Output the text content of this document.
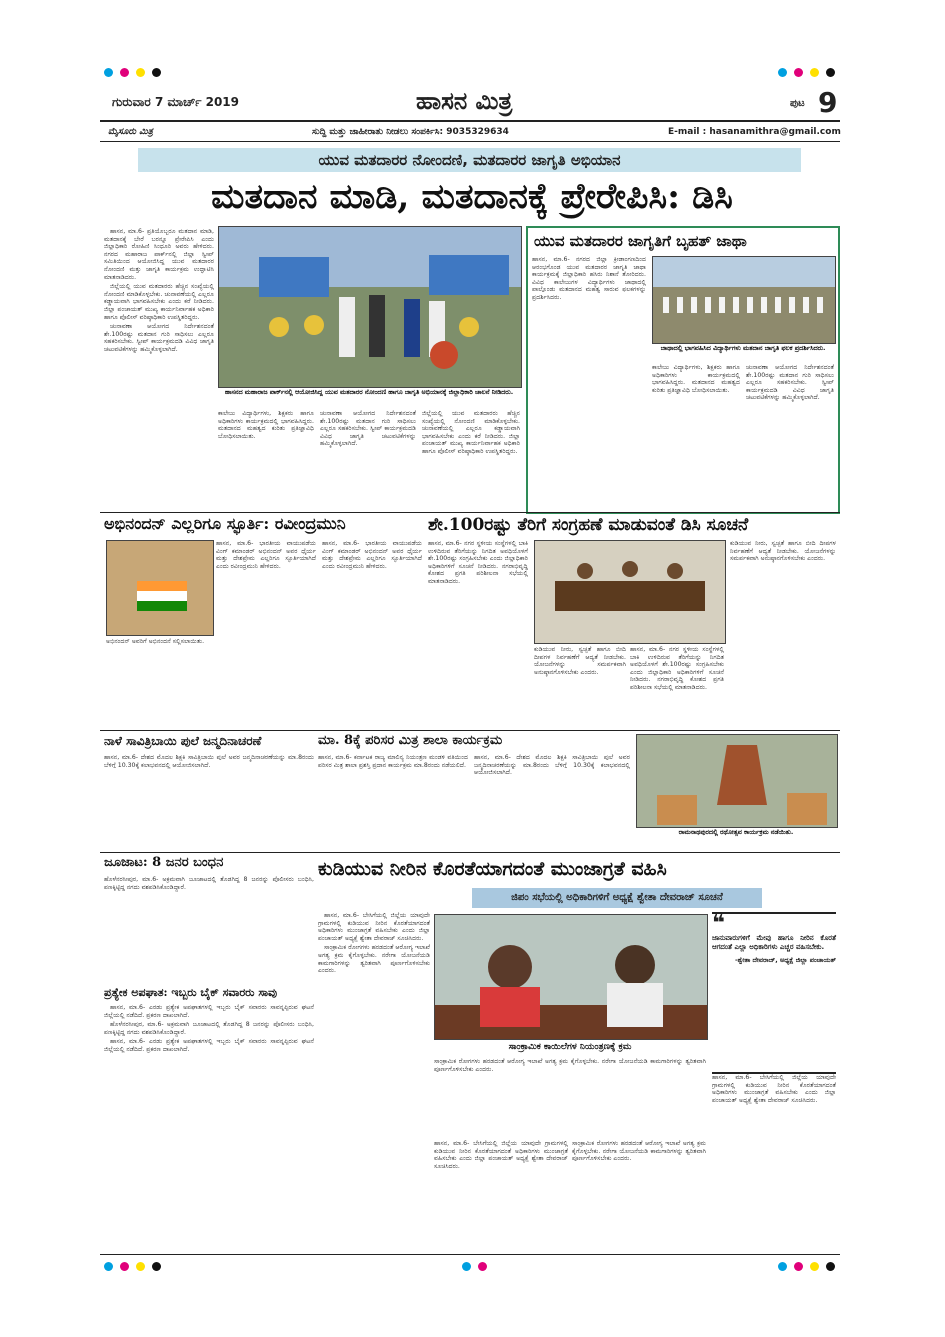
ಗುರುವಾರ 7 ಮಾರ್ಚ್ 2019	ಹಾಸನ ಮಿತ್ರ	ಪುಟ 9
ಮೈಸೂರು ಮಿತ್ರ	ಸುದ್ದಿ ಮತ್ತು ಜಾಹೀರಾತು ನೀಡಲು ಸಂಪರ್ಕಿಸಿ: 9035329634	E-mail : hasanamithra@gmail.com
ಯುವ ಮತದಾರರ ನೋಂದಣಿ, ಮತದಾರರ ಜಾಗೃತಿ ಅಭಿಯಾನ
ಮತದಾನ ಮಾಡಿ, ಮತದಾನಕ್ಕೆ ಪ್ರೇರೇಪಿಸಿ: ಡಿಸಿ

ಹಾಸನ, ಮಾ.6- ಪ್ರತಿಯೊಬ್ಬರೂ ಮತದಾನ ಮಾಡಿ, ಮತದಾನಕ್ಕೆ ಬೇರೆ ಬರನ್ನೂ ಪ್ರೇರೇಪಿಸಿ ಎಂದು ಜಿಲ್ಲಾಧಿಕಾರಿ ರೋಹಿಣಿ ಸಿಂಧೂರಿ ಅವರು ಹೇಳಿದರು. ನಗರದ ಮಹಾರಾಜ ಪಾರ್ಕ್‌ನಲ್ಲಿ ಜಿಲ್ಲಾ ಸ್ವೀಪ್ ಸಮಿತಿಯಿಂದ ಆಯೋಜಿಸಿದ್ದ ಯುವ ಮತದಾರರ ನೋಂದಣಿ ಮತ್ತು ಜಾಗೃತಿ ಕಾರ್ಯಕ್ರಮ ಉದ್ಘಾಟಿಸಿ ಮಾತನಾಡಿದರು.

ಜಿಲ್ಲೆಯಲ್ಲಿ ಯುವ ಮತದಾರರು ಹೆಚ್ಚಿನ ಸಂಖ್ಯೆಯಲ್ಲಿ ನೋಂದಣಿ ಮಾಡಿಕೊಳ್ಳಬೇಕು. ಚುನಾವಣೆಯಲ್ಲಿ ಎಲ್ಲರೂ ಕಡ್ಡಾಯವಾಗಿ ಭಾಗವಹಿಸಬೇಕು ಎಂದು ಕರೆ ನೀಡಿದರು. ಜಿಲ್ಲಾ ಪಂಚಾಯತ್ ಮುಖ್ಯ ಕಾರ್ಯನಿರ್ವಾಹಕ ಅಧಿಕಾರಿ ಹಾಗೂ ಪೊಲೀಸ್ ವರಿಷ್ಠಾಧಿಕಾರಿ ಉಪಸ್ಥಿತರಿದ್ದರು.

ಚುನಾವಣಾ ಆಯೋಗದ ನಿರ್ದೇಶನದಂತೆ ಶೇ.100ರಷ್ಟು ಮತದಾನ ಗುರಿ ಸಾಧಿಸಲು ಎಲ್ಲರೂ ಸಹಕರಿಸಬೇಕು. ಸ್ವೀಪ್ ಕಾರ್ಯಕ್ರಮದಡಿ ವಿವಿಧ ಜಾಗೃತಿ ಚಟುವಟಿಕೆಗಳನ್ನು ಹಮ್ಮಿಕೊಳ್ಳಲಾಗಿದೆ.

ಹಾಸನದ ಮಹಾರಾಜ ಪಾರ್ಕ್‌ನಲ್ಲಿ ಆಯೋಜಿಸಿದ್ದ ಯುವ ಮತದಾರರ ನೋಂದಣಿ ಹಾಗೂ ಜಾಗೃತಿ ಅಭಿಯಾನಕ್ಕೆ ಜಿಲ್ಲಾಧಿಕಾರಿ ಚಾಲನೆ ನೀಡಿದರು.
ಕಾಲೇಜು ವಿದ್ಯಾರ್ಥಿಗಳು, ಶಿಕ್ಷಕರು ಹಾಗೂ ಅಧಿಕಾರಿಗಳು ಕಾರ್ಯಕ್ರಮದಲ್ಲಿ ಭಾಗವಹಿಸಿದ್ದರು. ಮತದಾನದ ಮಹತ್ವದ ಕುರಿತು ಪ್ರತಿಜ್ಞಾವಿಧಿ ಬೋಧಿಸಲಾಯಿತು.
ಚುನಾವಣಾ ಆಯೋಗದ ನಿರ್ದೇಶನದಂತೆ ಶೇ.100ರಷ್ಟು ಮತದಾನ ಗುರಿ ಸಾಧಿಸಲು ಎಲ್ಲರೂ ಸಹಕರಿಸಬೇಕು. ಸ್ವೀಪ್ ಕಾರ್ಯಕ್ರಮದಡಿ ವಿವಿಧ ಜಾಗೃತಿ ಚಟುವಟಿಕೆಗಳನ್ನು ಹಮ್ಮಿಕೊಳ್ಳಲಾಗಿದೆ.
ಜಿಲ್ಲೆಯಲ್ಲಿ ಯುವ ಮತದಾರರು ಹೆಚ್ಚಿನ ಸಂಖ್ಯೆಯಲ್ಲಿ ನೋಂದಣಿ ಮಾಡಿಕೊಳ್ಳಬೇಕು. ಚುನಾವಣೆಯಲ್ಲಿ ಎಲ್ಲರೂ ಕಡ್ಡಾಯವಾಗಿ ಭಾಗವಹಿಸಬೇಕು ಎಂದು ಕರೆ ನೀಡಿದರು. ಜಿಲ್ಲಾ ಪಂಚಾಯತ್ ಮುಖ್ಯ ಕಾರ್ಯನಿರ್ವಾಹಕ ಅಧಿಕಾರಿ ಹಾಗೂ ಪೊಲೀಸ್ ವರಿಷ್ಠಾಧಿಕಾರಿ ಉಪಸ್ಥಿತರಿದ್ದರು.
ಯುವ ಮತದಾರರ ಜಾಗೃತಿಗೆ ಬೃಹತ್ ಜಾಥಾ
ಹಾಸನ, ಮಾ.6- ನಗರದ ಜಿಲ್ಲಾ ಕ್ರೀಡಾಂಗಣದಿಂದ ಆರಂಭಗೊಂಡ ಯುವ ಮತದಾರರ ಜಾಗೃತಿ ಜಾಥಾ ಕಾರ್ಯಕ್ರಮಕ್ಕೆ ಜಿಲ್ಲಾಧಿಕಾರಿ ಹಸಿರು ನಿಶಾನೆ ತೋರಿದರು. ವಿವಿಧ ಕಾಲೇಜುಗಳ ವಿದ್ಯಾರ್ಥಿಗಳು ಜಾಥಾದಲ್ಲಿ ಪಾಲ್ಗೊಂಡು ಮತದಾನದ ಮಹತ್ವ ಸಾರುವ ಫಲಕಗಳನ್ನು ಪ್ರದರ್ಶಿಸಿದರು.
ಜಾಥಾದಲ್ಲಿ ಭಾಗವಹಿಸಿದ ವಿದ್ಯಾರ್ಥಿಗಳು ಮತದಾನ ಜಾಗೃತಿ ಫಲಕ ಪ್ರದರ್ಶಿಸಿದರು.
ಕಾಲೇಜು ವಿದ್ಯಾರ್ಥಿಗಳು, ಶಿಕ್ಷಕರು ಹಾಗೂ ಅಧಿಕಾರಿಗಳು ಕಾರ್ಯಕ್ರಮದಲ್ಲಿ ಭಾಗವಹಿಸಿದ್ದರು. ಮತದಾನದ ಮಹತ್ವದ ಕುರಿತು ಪ್ರತಿಜ್ಞಾವಿಧಿ ಬೋಧಿಸಲಾಯಿತು.
ಚುನಾವಣಾ ಆಯೋಗದ ನಿರ್ದೇಶನದಂತೆ ಶೇ.100ರಷ್ಟು ಮತದಾನ ಗುರಿ ಸಾಧಿಸಲು ಎಲ್ಲರೂ ಸಹಕರಿಸಬೇಕು. ಸ್ವೀಪ್ ಕಾರ್ಯಕ್ರಮದಡಿ ವಿವಿಧ ಜಾಗೃತಿ ಚಟುವಟಿಕೆಗಳನ್ನು ಹಮ್ಮಿಕೊಳ್ಳಲಾಗಿದೆ.
ಅಭಿನಂದನ್ ಎಲ್ಲರಿಗೂ ಸ್ಫೂರ್ತಿ: ರವೀಂದ್ರಮುನಿ
ಅಭಿನಂದನ್ ಅವರಿಗೆ ಅಭಿನಂದನೆ ಸಲ್ಲಿಸಲಾಯಿತು.
ಹಾಸನ, ಮಾ.6- ಭಾರತೀಯ ವಾಯುಪಡೆಯ ವಿಂಗ್ ಕಮಾಂಡರ್ ಅಭಿನಂದನ್ ಅವರ ಧೈರ್ಯ ಮತ್ತು ದೇಶಪ್ರೇಮ ಎಲ್ಲರಿಗೂ ಸ್ಫೂರ್ತಿಯಾಗಿದೆ ಎಂದು ರವೀಂದ್ರಮುನಿ ಹೇಳಿದರು.
ಹಾಸನ, ಮಾ.6- ಭಾರತೀಯ ವಾಯುಪಡೆಯ ವಿಂಗ್ ಕಮಾಂಡರ್ ಅಭಿನಂದನ್ ಅವರ ಧೈರ್ಯ ಮತ್ತು ದೇಶಪ್ರೇಮ ಎಲ್ಲರಿಗೂ ಸ್ಫೂರ್ತಿಯಾಗಿದೆ ಎಂದು ರವೀಂದ್ರಮುನಿ ಹೇಳಿದರು.
ಶೇ.100ರಷ್ಟು ತೆರಿಗೆ ಸಂಗ್ರಹಣೆ ಮಾಡುವಂತೆ ಡಿಸಿ ಸೂಚನೆ
ಹಾಸನ, ಮಾ.6- ನಗರ ಸ್ಥಳೀಯ ಸಂಸ್ಥೆಗಳಲ್ಲಿ ಬಾಕಿ ಉಳಿದಿರುವ ತೆರಿಗೆಯನ್ನು ನಿಗದಿತ ಅವಧಿಯೊಳಗೆ ಶೇ.100ರಷ್ಟು ಸಂಗ್ರಹಿಸಬೇಕು ಎಂದು ಜಿಲ್ಲಾಧಿಕಾರಿ ಅಧಿಕಾರಿಗಳಿಗೆ ಸೂಚನೆ ನೀಡಿದರು. ನಗರಾಭಿವೃದ್ಧಿ ಕೋಶದ ಪ್ರಗತಿ ಪರಿಶೀಲನಾ ಸಭೆಯಲ್ಲಿ ಮಾತನಾಡಿದರು.
ಕುಡಿಯುವ ನೀರು, ಸ್ವಚ್ಛತೆ ಹಾಗೂ ಬೀದಿ ದೀಪಗಳ ನಿರ್ವಹಣೆಗೆ ಆದ್ಯತೆ ನೀಡಬೇಕು. ಯೋಜನೆಗಳನ್ನು ಸಮರ್ಪಕವಾಗಿ ಅನುಷ್ಠಾನಗೊಳಿಸಬೇಕು ಎಂದರು.
ಹಾಸನ, ಮಾ.6- ನಗರ ಸ್ಥಳೀಯ ಸಂಸ್ಥೆಗಳಲ್ಲಿ ಬಾಕಿ ಉಳಿದಿರುವ ತೆರಿಗೆಯನ್ನು ನಿಗದಿತ ಅವಧಿಯೊಳಗೆ ಶೇ.100ರಷ್ಟು ಸಂಗ್ರಹಿಸಬೇಕು ಎಂದು ಜಿಲ್ಲಾಧಿಕಾರಿ ಅಧಿಕಾರಿಗಳಿಗೆ ಸೂಚನೆ ನೀಡಿದರು. ನಗರಾಭಿವೃದ್ಧಿ ಕೋಶದ ಪ್ರಗತಿ ಪರಿಶೀಲನಾ ಸಭೆಯಲ್ಲಿ ಮಾತನಾಡಿದರು.
ಕುಡಿಯುವ ನೀರು, ಸ್ವಚ್ಛತೆ ಹಾಗೂ ಬೀದಿ ದೀಪಗಳ ನಿರ್ವಹಣೆಗೆ ಆದ್ಯತೆ ನೀಡಬೇಕು. ಯೋಜನೆಗಳನ್ನು ಸಮರ್ಪಕವಾಗಿ ಅನುಷ್ಠಾನಗೊಳಿಸಬೇಕು ಎಂದರು.
ನಾಳೆ ಸಾವಿತ್ರಿಬಾಯಿ ಪುಲೆ ಜನ್ಮದಿನಾಚರಣೆ
ಹಾಸನ, ಮಾ.6- ದೇಶದ ಮೊದಲ ಶಿಕ್ಷಕಿ ಸಾವಿತ್ರಿಬಾಯಿ ಪುಲೆ ಅವರ ಜನ್ಮದಿನಾಚರಣೆಯನ್ನು ಮಾ.8ರಂದು ಬೆಳಿಗ್ಗೆ 10.30ಕ್ಕೆ ಕಲಾಭವನದಲ್ಲಿ ಆಯೋಜಿಸಲಾಗಿದೆ.
ಮಾ. 8ಕ್ಕೆ ಪರಿಸರ ಮಿತ್ರ ಶಾಲಾ ಕಾರ್ಯಕ್ರಮ
ಹಾಸನ, ಮಾ.6- ಕರ್ನಾಟಕ ರಾಜ್ಯ ಮಾಲಿನ್ಯ ನಿಯಂತ್ರಣ ಮಂಡಳಿ ವತಿಯಿಂದ ಪರಿಸರ ಮಿತ್ರ ಶಾಲಾ ಪ್ರಶಸ್ತಿ ಪ್ರದಾನ ಕಾರ್ಯಕ್ರಮ ಮಾ.8ರಂದು ನಡೆಯಲಿದೆ.
ಹಾಸನ, ಮಾ.6- ದೇಶದ ಮೊದಲ ಶಿಕ್ಷಕಿ ಸಾವಿತ್ರಿಬಾಯಿ ಪುಲೆ ಅವರ ಜನ್ಮದಿನಾಚರಣೆಯನ್ನು ಮಾ.8ರಂದು ಬೆಳಿಗ್ಗೆ 10.30ಕ್ಕೆ ಕಲಾಭವನದಲ್ಲಿ ಆಯೋಜಿಸಲಾಗಿದೆ.
ರಾಮನಾಥಪುರದಲ್ಲಿ ರಥೋತ್ಸವ ಕಾರ್ಯಕ್ರಮ ನಡೆಯಿತು.
ಜೂಜಾಟ: 8 ಜನರ ಬಂಧನ
ಹೊಳೆನರಸೀಪುರ, ಮಾ.6- ಅಕ್ರಮವಾಗಿ ಜೂಜಾಟದಲ್ಲಿ ತೊಡಗಿದ್ದ 8 ಜನರನ್ನು ಪೊಲೀಸರು ಬಂಧಿಸಿ, ಪಣಕ್ಕಿಟ್ಟಿದ್ದ ನಗದು ವಶಪಡಿಸಿಕೊಂಡಿದ್ದಾರೆ.
ಪ್ರತ್ಯೇಕ ಅಪಘಾತ: ಇಬ್ಬರು ಬೈಕ್ ಸವಾರರು ಸಾವು

ಹಾಸನ, ಮಾ.6- ಎರಡು ಪ್ರತ್ಯೇಕ ಅಪಘಾತಗಳಲ್ಲಿ ಇಬ್ಬರು ಬೈಕ್ ಸವಾರರು ಸಾವನ್ನಪ್ಪಿರುವ ಘಟನೆ ಜಿಲ್ಲೆಯಲ್ಲಿ ನಡೆದಿದೆ. ಪ್ರಕರಣ ದಾಖಲಾಗಿದೆ.

ಹೊಳೆನರಸೀಪುರ, ಮಾ.6- ಅಕ್ರಮವಾಗಿ ಜೂಜಾಟದಲ್ಲಿ ತೊಡಗಿದ್ದ 8 ಜನರನ್ನು ಪೊಲೀಸರು ಬಂಧಿಸಿ, ಪಣಕ್ಕಿಟ್ಟಿದ್ದ ನಗದು ವಶಪಡಿಸಿಕೊಂಡಿದ್ದಾರೆ.

ಹಾಸನ, ಮಾ.6- ಎರಡು ಪ್ರತ್ಯೇಕ ಅಪಘಾತಗಳಲ್ಲಿ ಇಬ್ಬರು ಬೈಕ್ ಸವಾರರು ಸಾವನ್ನಪ್ಪಿರುವ ಘಟನೆ ಜಿಲ್ಲೆಯಲ್ಲಿ ನಡೆದಿದೆ. ಪ್ರಕರಣ ದಾಖಲಾಗಿದೆ.

ಕುಡಿಯುವ ನೀರಿನ ಕೊರತೆಯಾಗದಂತೆ ಮುಂಜಾಗ್ರತೆ ವಹಿಸಿ
ಜಿಪಂ ಸಭೆಯಲ್ಲಿ ಅಧಿಕಾರಿಗಳಿಗೆ ಅಧ್ಯಕ್ಷೆ ಶ್ವೇತಾ ದೇವರಾಜ್ ಸೂಚನೆ

ಹಾಸನ, ಮಾ.6- ಬೇಸಿಗೆಯಲ್ಲಿ ಜಿಲ್ಲೆಯ ಯಾವುದೇ ಗ್ರಾಮಗಳಲ್ಲಿ ಕುಡಿಯುವ ನೀರಿನ ಕೊರತೆಯಾಗದಂತೆ ಅಧಿಕಾರಿಗಳು ಮುಂಜಾಗ್ರತೆ ವಹಿಸಬೇಕು ಎಂದು ಜಿಲ್ಲಾ ಪಂಚಾಯತ್ ಅಧ್ಯಕ್ಷೆ ಶ್ವೇತಾ ದೇವರಾಜ್ ಸೂಚಿಸಿದರು.

ಸಾಂಕ್ರಾಮಿಕ ರೋಗಗಳು ಹರಡದಂತೆ ಆರೋಗ್ಯ ಇಲಾಖೆ ಅಗತ್ಯ ಕ್ರಮ ಕೈಗೊಳ್ಳಬೇಕು. ನರೇಗಾ ಯೋಜನೆಯಡಿ ಕಾಮಗಾರಿಗಳನ್ನು ತ್ವರಿತವಾಗಿ ಪೂರ್ಣಗೊಳಿಸಬೇಕು ಎಂದರು.

ಸಾಂಕ್ರಾಮಿಕ ಕಾಯಿಲೆಗಳ ನಿಯಂತ್ರಣಕ್ಕೆ ಕ್ರಮ
ಸಾಂಕ್ರಾಮಿಕ ರೋಗಗಳು ಹರಡದಂತೆ ಆರೋಗ್ಯ ಇಲಾಖೆ ಅಗತ್ಯ ಕ್ರಮ ಕೈಗೊಳ್ಳಬೇಕು. ನರೇಗಾ ಯೋಜನೆಯಡಿ ಕಾಮಗಾರಿಗಳನ್ನು ತ್ವರಿತವಾಗಿ ಪೂರ್ಣಗೊಳಿಸಬೇಕು ಎಂದರು.
❝
ಜಾನುವಾರುಗಳಿಗೆ ಮೇವು ಹಾಗೂ ನೀರಿನ ಕೊರತೆ ಆಗದಂತೆ ಎಲ್ಲಾ ಅಧಿಕಾರಿಗಳು ಎಚ್ಚರ ವಹಿಸಬೇಕು.
-ಶ್ವೇತಾ ದೇವರಾಜ್, ಅಧ್ಯಕ್ಷೆ ಜಿಲ್ಲಾ ಪಂಚಾಯತ್
ಹಾಸನ, ಮಾ.6- ಬೇಸಿಗೆಯಲ್ಲಿ ಜಿಲ್ಲೆಯ ಯಾವುದೇ ಗ್ರಾಮಗಳಲ್ಲಿ ಕುಡಿಯುವ ನೀರಿನ ಕೊರತೆಯಾಗದಂತೆ ಅಧಿಕಾರಿಗಳು ಮುಂಜಾಗ್ರತೆ ವಹಿಸಬೇಕು ಎಂದು ಜಿಲ್ಲಾ ಪಂಚಾಯತ್ ಅಧ್ಯಕ್ಷೆ ಶ್ವೇತಾ ದೇವರಾಜ್ ಸೂಚಿಸಿದರು.
ಹಾಸನ, ಮಾ.6- ಬೇಸಿಗೆಯಲ್ಲಿ ಜಿಲ್ಲೆಯ ಯಾವುದೇ ಗ್ರಾಮಗಳಲ್ಲಿ ಕುಡಿಯುವ ನೀರಿನ ಕೊರತೆಯಾಗದಂತೆ ಅಧಿಕಾರಿಗಳು ಮುಂಜಾಗ್ರತೆ ವಹಿಸಬೇಕು ಎಂದು ಜಿಲ್ಲಾ ಪಂಚಾಯತ್ ಅಧ್ಯಕ್ಷೆ ಶ್ವೇತಾ ದೇವರಾಜ್ ಸೂಚಿಸಿದರು.
ಸಾಂಕ್ರಾಮಿಕ ರೋಗಗಳು ಹರಡದಂತೆ ಆರೋಗ್ಯ ಇಲಾಖೆ ಅಗತ್ಯ ಕ್ರಮ ಕೈಗೊಳ್ಳಬೇಕು. ನರೇಗಾ ಯೋಜನೆಯಡಿ ಕಾಮಗಾರಿಗಳನ್ನು ತ್ವರಿತವಾಗಿ ಪೂರ್ಣಗೊಳಿಸಬೇಕು ಎಂದರು.
